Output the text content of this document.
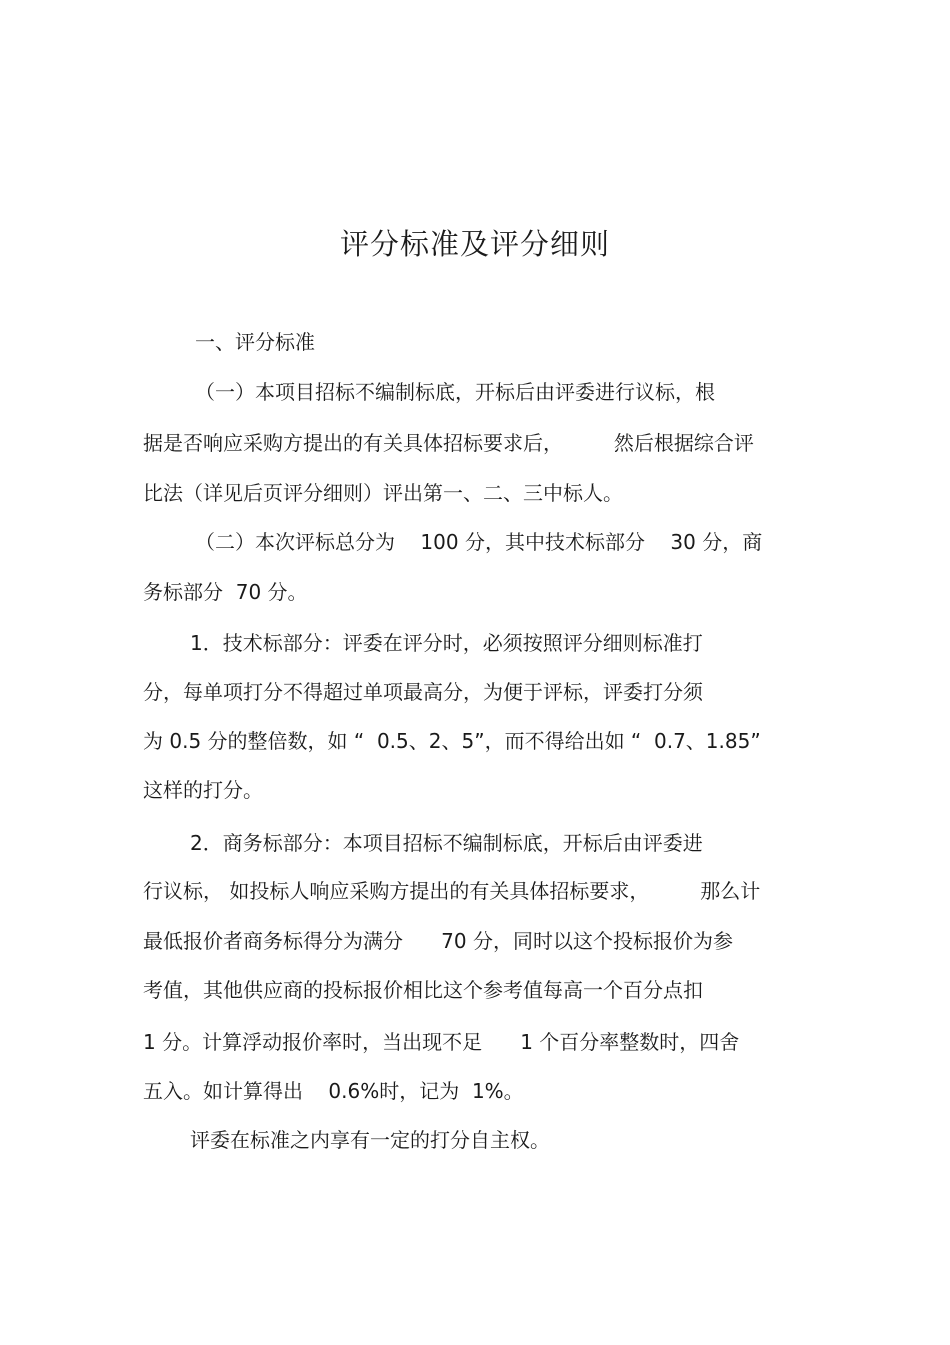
评分标准及评分细则
一、评分标准
（一）本项目招标不编制标底，开标后由评委进行议标，根
据是否响应采购方提出的有关具体招标要求后，        然后根据综合评
比法（详见后页评分细则）评出第一、二、三中标人。
（二）本次评标总分为    100 分，其中技术标部分    30 分，商
务标部分  70 分。
1．技术标部分：评委在评分时，必须按照评分细则标准打
分，每单项打分不得超过单项最高分，为便于评标，评委打分须
为 0.5 分的整倍数，如 “  0.5、2、5”，而不得给出如 “  0.7、1.85”
这样的打分。
2．商务标部分：本项目招标不编制标底，开标后由评委进
行议标， 如投标人响应采购方提出的有关具体招标要求，        那么计
最低报价者商务标得分为满分      70 分，同时以这个投标报价为参
考值，其他供应商的投标报价相比这个参考值每高一个百分点扣
1 分。计算浮动报价率时，当出现不足      1 个百分率整数时，四舍
五入。如计算得出    0.6%时，记为  1%。
评委在标准之内享有一定的打分自主权。
